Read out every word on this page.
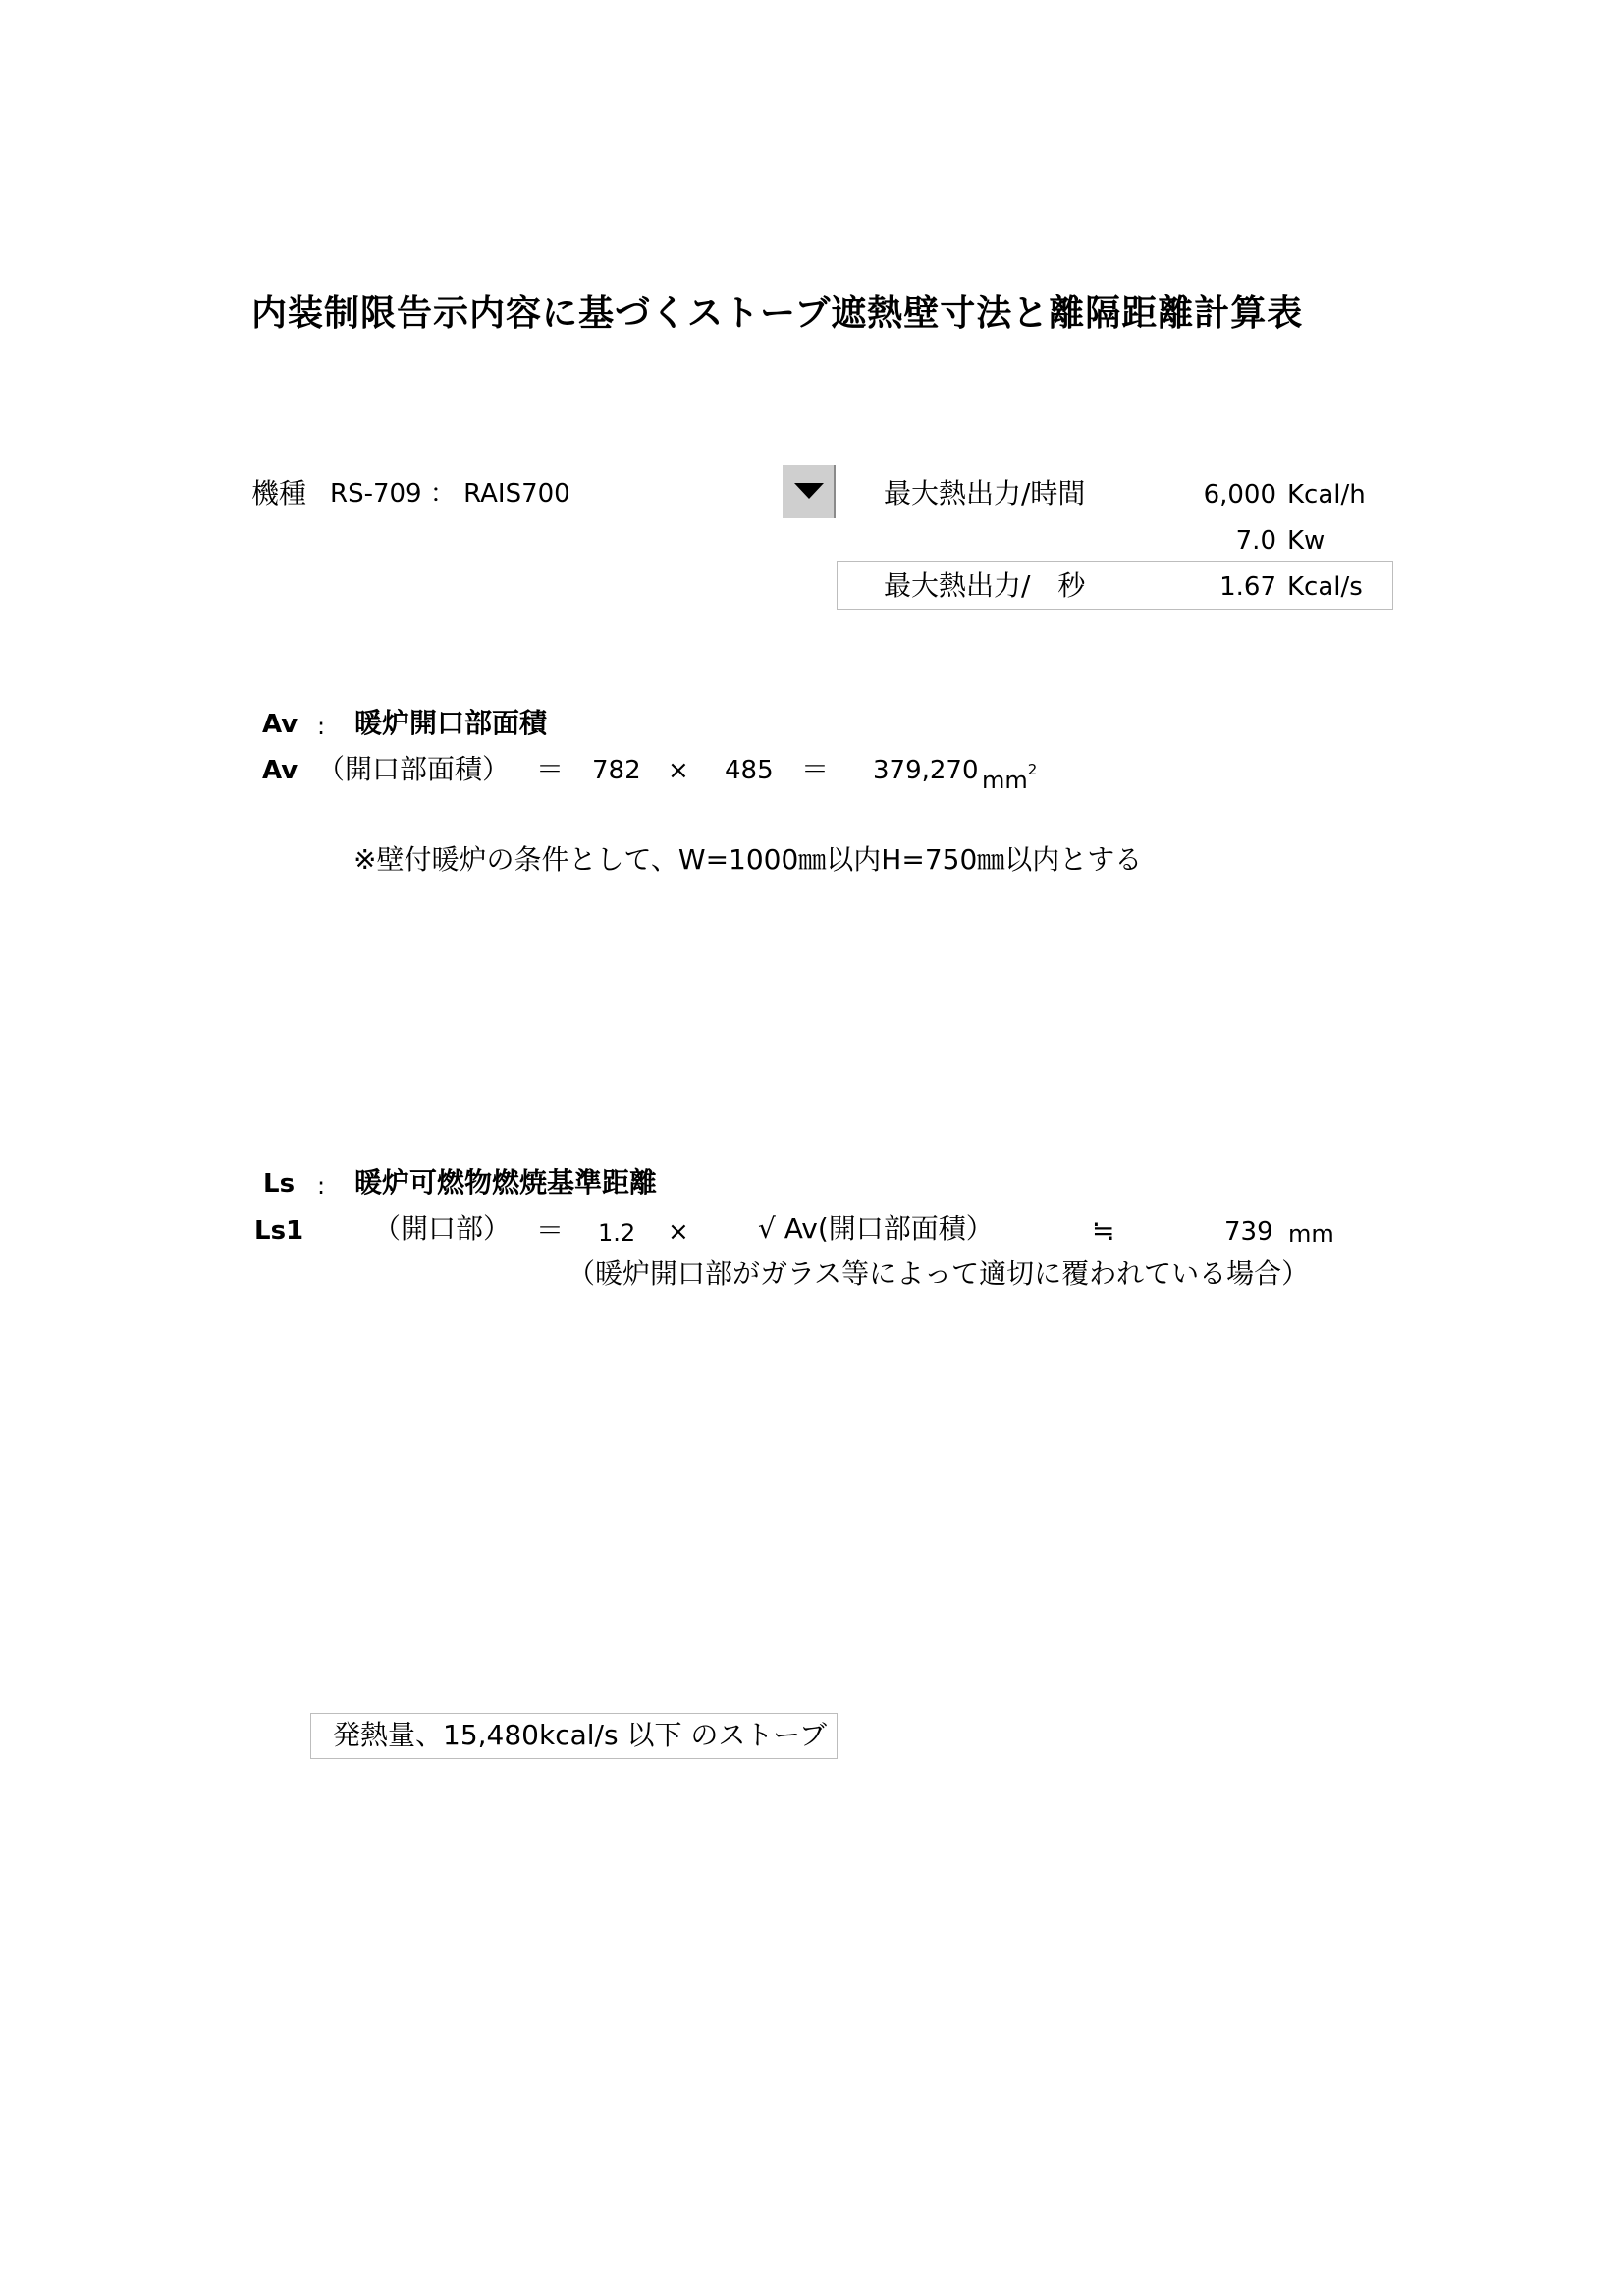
内装制限告示内容に基づくストーブ遮熱壁寸法と離隔距離計算表
機種 RS-709 ： RAIS700	最大熱出力/時間	6,000 Kcal/h
7.0 Kw
最大熱出力/　秒	1.67 Kcal/s
Av : 暖炉開口部面積
Av （開口部面積） ＝ 782 × 485 ＝ 379,270 $mm^2$
※壁付暖炉の条件として、W=1000㎜以内H=750㎜以内とする
Ls : 暖炉可燃物燃焼基準距離
Ls1	（開口部） ＝ 1.2 ×	√ Av(開口部面積）	≒	739 mm
（暖炉開口部がガラス等によって適切に覆われている場合）
発熱量、15,480kcal/s 以下 のストーブ
